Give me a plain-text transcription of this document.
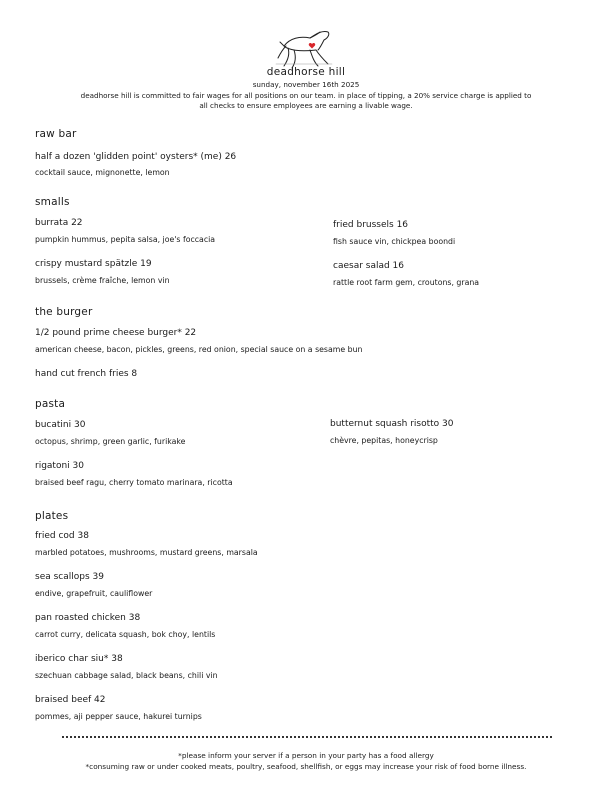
deadhorse hill
sunday, november 16th 2025
deadhorse hill is committed to fair wages for all positions on our team. in place of tipping, a 20% service charge is applied to
all checks to ensure employees are earning a livable wage.
raw bar
half a dozen 'glidden point' oysters* (me) 26
cocktail sauce, mignonette, lemon
smalls
burrata 22
pumpkin hummus, pepita salsa, joe's foccacia
fried brussels 16
fish sauce vin, chickpea boondi
crispy mustard spätzle 19
brussels, crème fraîche, lemon vin
caesar salad 16
rattle root farm gem, croutons, grana
the burger
1/2 pound prime cheese burger* 22
american cheese, bacon, pickles, greens, red onion, special sauce on a sesame bun
hand cut french fries 8
pasta
bucatini 30
octopus, shrimp, green garlic, furikake
butternut squash risotto 30
chèvre, pepitas, honeycrisp
rigatoni 30
braised beef ragu, cherry tomato marinara, ricotta
plates
fried cod 38
marbled potatoes, mushrooms, mustard greens, marsala
sea scallops 39
endive, grapefruit, cauliflower
pan roasted chicken 38
carrot curry, delicata squash, bok choy, lentils
iberico char siu* 38
szechuan cabbage salad, black beans, chili vin
braised beef 42
pommes, aji pepper sauce, hakurei turnips
*please inform your server if a person in your party has a food allergy
*consuming raw or under cooked meats, poultry, seafood, shellfish, or eggs may increase your risk of food borne illness.
